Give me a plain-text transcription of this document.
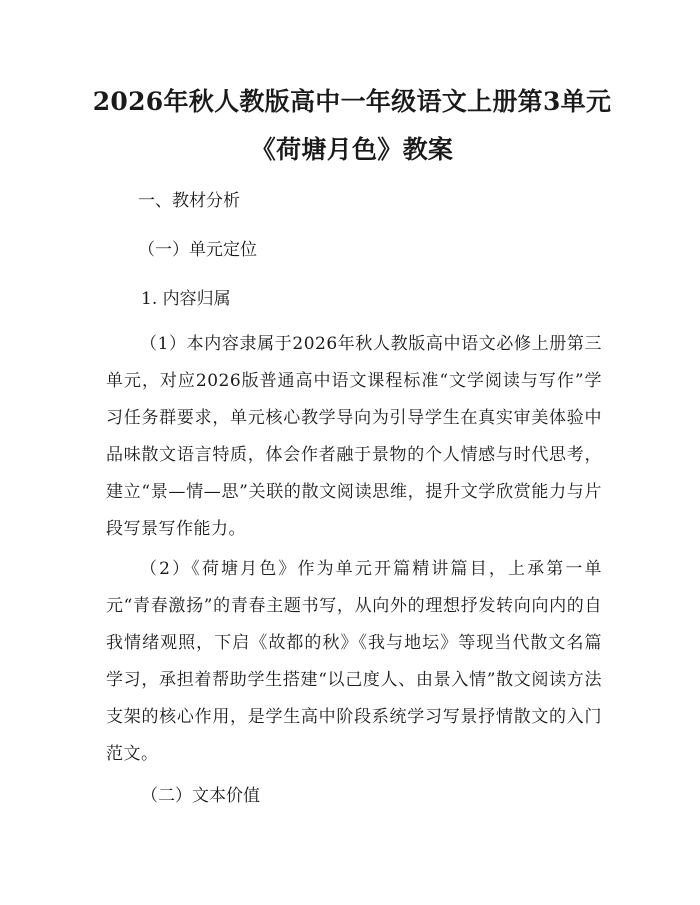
2026年秋人教版高中一年级语文上册第3单元《荷塘月色》教案

一、教材分析

（一）单元定位

1. 内容归属

（1）本内容隶属于2026年秋人教版高中语文必修上册第三单元，对应2026版普通高中语文课程标准“文学阅读与写作”学习任务群要求，单元核心教学导向为引导学生在真实审美体验中品味散文语言特质，体会作者融于景物的个人情感与时代思考，建立“景—情—思”关联的散文阅读思维，提升文学欣赏能力与片段写景写作能力。

（2）《荷塘月色》作为单元开篇精讲篇目，上承第一单元“青春激扬”的青春主题书写，从向外的理想抒发转向向内的自我情绪观照，下启《故都的秋》《我与地坛》等现当代散文名篇学习，承担着帮助学生搭建“以己度人、由景入情”散文阅读方法支架的核心作用，是学生高中阶段系统学习写景抒情散文的入门范文。

（二）文本价值
